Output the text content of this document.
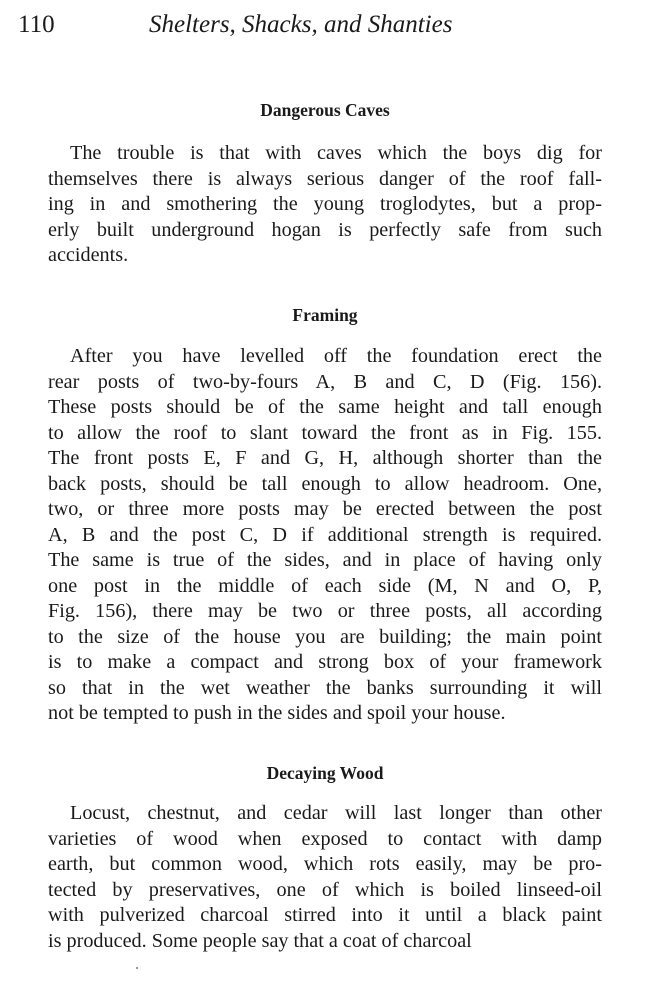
110	Shelters, Shacks, and Shanties
Dangerous Caves
The trouble is that with caves which the boys dig for
themselves there is always serious danger of the roof fall-
ing in and smothering the young troglodytes, but a prop-
erly built underground hogan is perfectly safe from such
accidents.
Framing
After you have levelled off the foundation erect the
rear posts of two-by-fours A, B and C, D (Fig. 156).
These posts should be of the same height and tall enough
to allow the roof to slant toward the front as in Fig. 155.
The front posts E, F and G, H, although shorter than the
back posts, should be tall enough to allow headroom. One,
two, or three more posts may be erected between the post
A, B and the post C, D if additional strength is required.
The same is true of the sides, and in place of having only
one post in the middle of each side (M, N and O, P,
Fig. 156), there may be two or three posts, all according
to the size of the house you are building; the main point
is to make a compact and strong box of your framework
so that in the wet weather the banks surrounding it will
not be tempted to push in the sides and spoil your house.
Decaying Wood
Locust, chestnut, and cedar will last longer than other
varieties of wood when exposed to contact with damp
earth, but common wood, which rots easily, may be pro-
tected by preservatives, one of which is boiled linseed-oil
with pulverized charcoal stirred into it until a black paint
is produced. Some people say that a coat of charcoal
